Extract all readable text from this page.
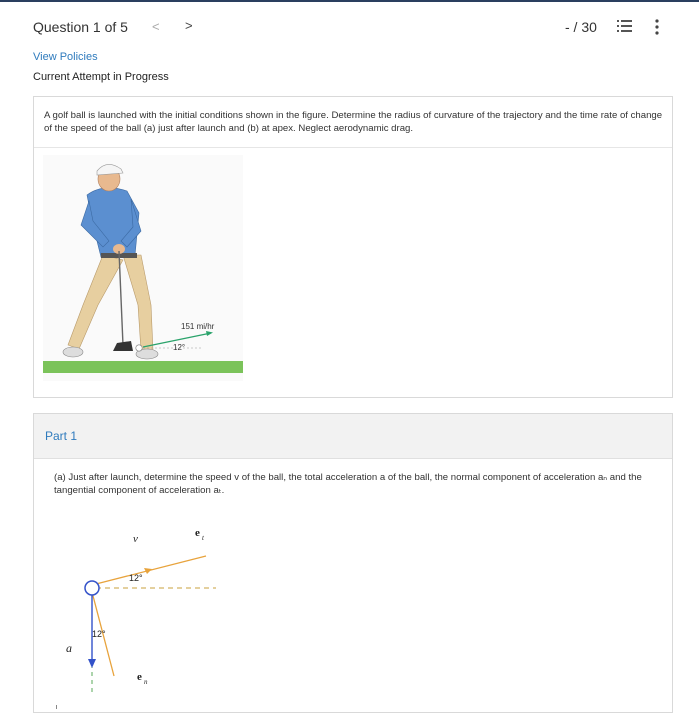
Question 1 of 5 < >	- / 30
View Policies
Current Attempt in Progress

A golf ball is launched with the initial conditions shown in the figure. Determine the radius of curvature of the trajectory and the time rate of change of the speed of the ball (a) just after launch and (b) at apex. Neglect aerodynamic drag.

151 mi/hr
12°
Part 1

(a) Just after launch, determine the speed v of the ball, the total acceleration a of the ball, the normal component of acceleration aₙ and the tangential component of acceleration aₜ.

v	e t
12°
12°
a
e n
